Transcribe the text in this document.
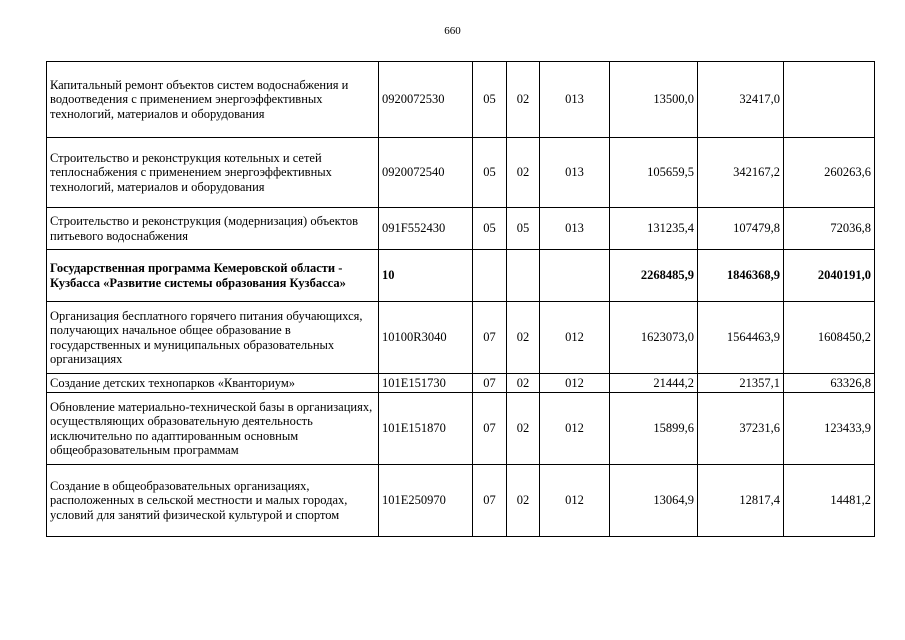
660
Капитальный ремонт объектов систем водоснабжения и водоотведения с применением энергоэффективных технологий, материалов и оборудования	0920072530	05	02	013	13500,0	32417,0	
Строительство и реконструкция котельных и сетей теплоснабжения с применением энергоэффективных технологий, материалов и оборудования	0920072540	05	02	013	105659,5	342167,2	260263,6
Строительство и реконструкция (модернизация) объектов питьевого водоснабжения	091F552430	05	05	013	131235,4	107479,8	72036,8
Государственная программа Кемеровской области - Кузбасса «Развитие системы образования Кузбасса»	10				2268485,9	1846368,9	2040191,0
Организация бесплатного горячего питания обучающихся, получающих начальное общее образование в государственных и муниципальных образовательных организациях	10100R3040	07	02	012	1623073,0	1564463,9	1608450,2
Создание детских технопарков «Кванториум»	101E151730	07	02	012	21444,2	21357,1	63326,8
Обновление материально-технической базы в организациях, осуществляющих образовательную деятельность исключительно по адаптированным основным общеобразовательным программам	101E151870	07	02	012	15899,6	37231,6	123433,9
Создание в общеобразовательных организациях, расположенных в сельской местности и малых городах, условий для занятий физической культурой и спортом	101E250970	07	02	012	13064,9	12817,4	14481,2
